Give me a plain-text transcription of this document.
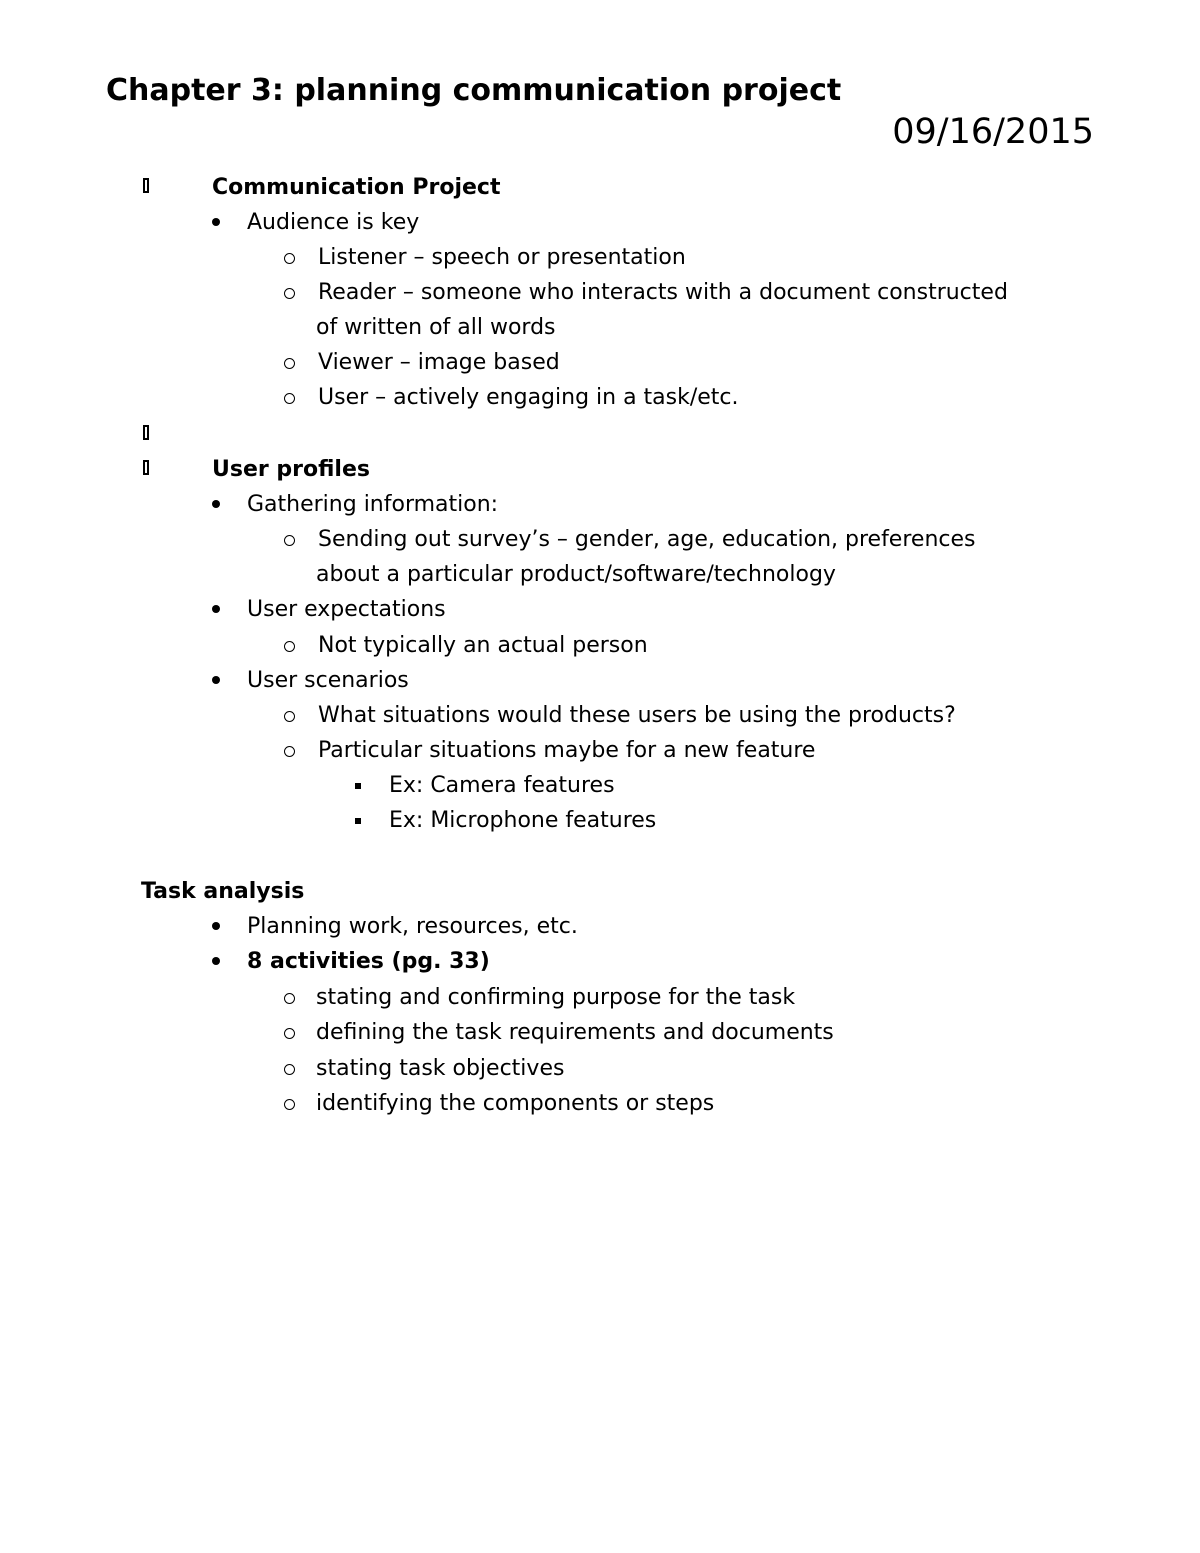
Chapter 3: planning communication project
09/16/2015
Communication Project
Audience is key
Listener – speech or presentation
Reader – someone who interacts with a document constructed
of written of all words
Viewer – image based
User – actively engaging in a task/etc.
User profiles
Gathering information:
Sending out survey’s – gender, age, education, preferences
about a particular product/software/technology
User expectations
Not typically an actual person
User scenarios
What situations would these users be using the products?
Particular situations maybe for a new feature
Ex: Camera features
Ex: Microphone features
Task analysis
Planning work, resources, etc.
8 activities (pg. 33)
stating and confirming purpose for the task
defining the task requirements and documents
stating task objectives
identifying the components or steps
